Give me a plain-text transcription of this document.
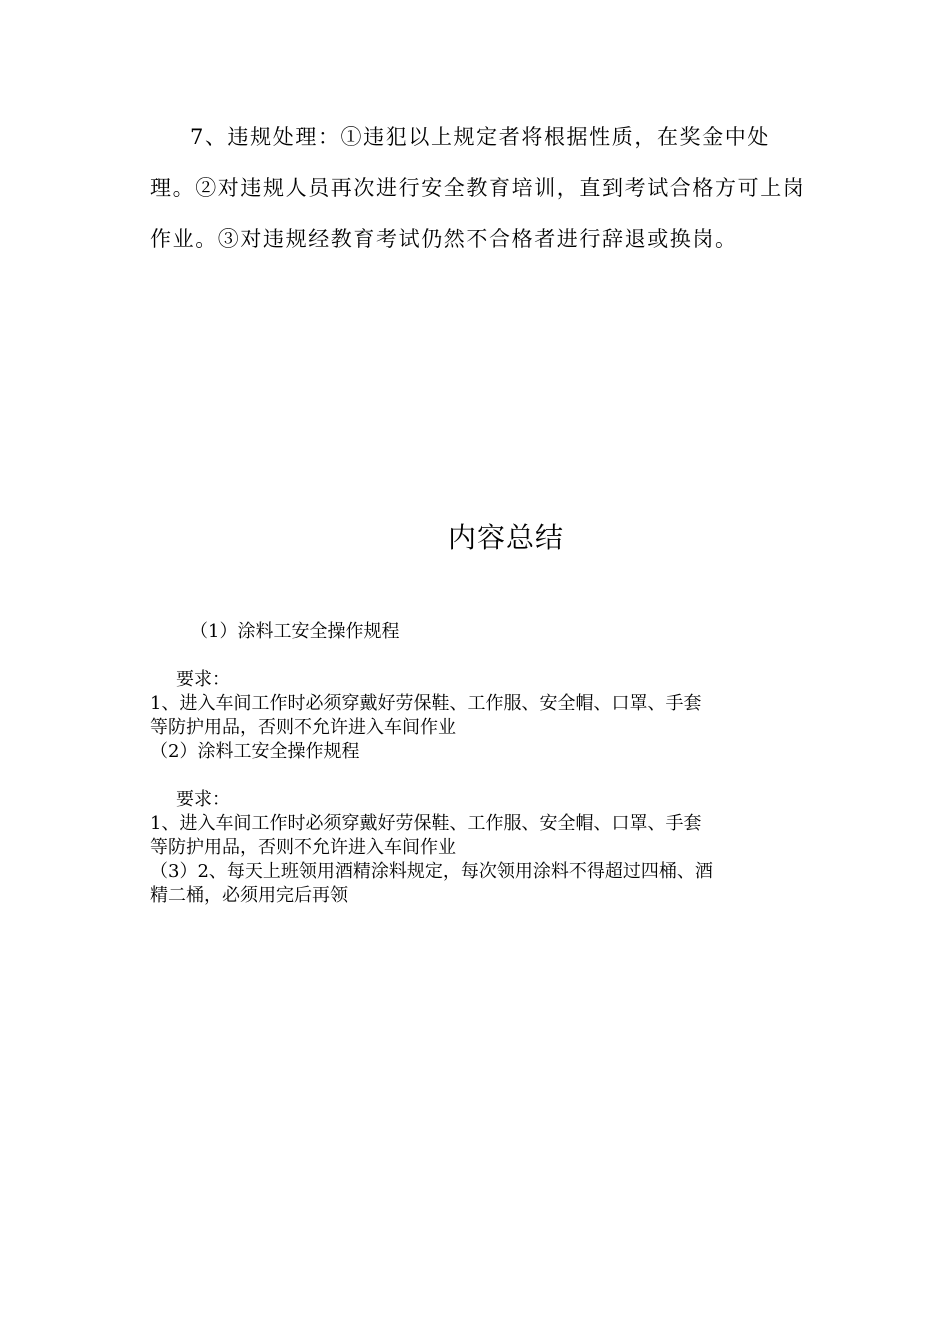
7、违规处理：①违犯以上规定者将根据性质，在奖金中处

理。②对违规人员再次进行安全教育培训，直到考试合格方可上岗

作业。③对违规经教育考试仍然不合格者进行辞退或换岗。

内容总结

（1）涂料工安全操作规程

要求：

1、进入车间工作时必须穿戴好劳保鞋、工作服、安全帽、口罩、手套

等防护用品，否则不允许进入车间作业

（2）涂料工安全操作规程

要求：

1、进入车间工作时必须穿戴好劳保鞋、工作服、安全帽、口罩、手套

等防护用品，否则不允许进入车间作业

（3）2、每天上班领用酒精涂料规定，每次领用涂料不得超过四桶、酒

精二桶，必须用完后再领
